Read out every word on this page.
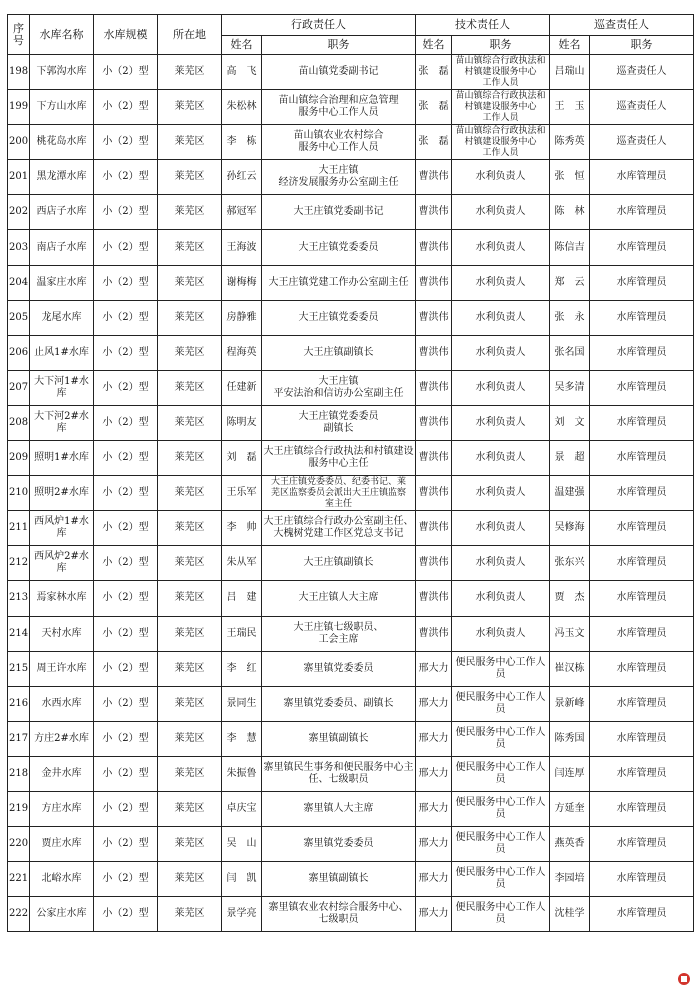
序
号	水库名称	水库规模	所在地	行政责任人		技术责任人		巡查责任人	
				姓名	职务	姓名	职务	姓名	职务
198	下郭沟水库	小（2）型	莱芜区	高　飞	苗山镇党委副书记	张　磊	苗山镇综合行政执法和
村镇建设服务中心
工作人员	吕瑞山	巡查责任人
199	下方山水库	小（2）型	莱芜区	朱松林	苗山镇综合治理和应急管理
服务中心工作人员	张　磊	苗山镇综合行政执法和
村镇建设服务中心
工作人员	王　玉	巡查责任人
200	桃花岛水库	小（2）型	莱芜区	李　栋	苗山镇农业农村综合
服务中心工作人员	张　磊	苗山镇综合行政执法和
村镇建设服务中心
工作人员	陈秀英	巡查责任人
201	黑龙潭水库	小（2）型	莱芜区	孙红云	大王庄镇
经济发展服务办公室副主任	曹洪伟	水利负责人	张　恒	水库管理员
202	西店子水库	小（2）型	莱芜区	郝冠军	大王庄镇党委副书记	曹洪伟	水利负责人	陈　林	水库管理员
203	南店子水库	小（2）型	莱芜区	王海波	大王庄镇党委委员	曹洪伟	水利负责人	陈信吉	水库管理员
204	温家庄水库	小（2）型	莱芜区	谢梅梅	大王庄镇党建工作办公室副主任	曹洪伟	水利负责人	郑　云	水库管理员
205	龙尾水库	小（2）型	莱芜区	房静雅	大王庄镇党委委员	曹洪伟	水利负责人	张　永	水库管理员
206	止风1#水库	小（2）型	莱芜区	程海英	大王庄镇副镇长	曹洪伟	水利负责人	张名国	水库管理员
207	大下河1#水库	小（2）型	莱芜区	任建新	大王庄镇
平安法治和信访办公室副主任	曹洪伟	水利负责人	吴多清	水库管理员
208	大下河2#水库	小（2）型	莱芜区	陈明友	大王庄镇党委委员
副镇长	曹洪伟	水利负责人	刘　文	水库管理员
209	照明1#水库	小（2）型	莱芜区	刘　磊	大王庄镇综合行政执法和村镇建设
服务中心主任	曹洪伟	水利负责人	景　超	水库管理员
210	照明2#水库	小（2）型	莱芜区	王乐军	大王庄镇党委委员、纪委书记、莱
芜区监察委员会派出大王庄镇监察
室主任	曹洪伟	水利负责人	温建强	水库管理员
211	西风炉1#水库	小（2）型	莱芜区	李　帅	大王庄镇综合行政办公室副主任、
大槐树党建工作区党总支书记	曹洪伟	水利负责人	吴修海	水库管理员
212	西风炉2#水库	小（2）型	莱芜区	朱从军	大王庄镇副镇长	曹洪伟	水利负责人	张东兴	水库管理员
213	焉家林水库	小（2）型	莱芜区	吕　建	大王庄镇人大主席	曹洪伟	水利负责人	贾　杰	水库管理员
214	天村水库	小（2）型	莱芜区	王瑞民	大王庄镇七级职员、
工会主席	曹洪伟	水利负责人	冯玉文	水库管理员
215	周王许水库	小（2）型	莱芜区	李　红	寨里镇党委委员	邢大力	便民服务中心工作人员	崔汉栋	水库管理员
216	水西水库	小（2）型	莱芜区	景同生	寨里镇党委委员、副镇长	邢大力	便民服务中心工作人员	景新峰	水库管理员
217	方庄2#水库	小（2）型	莱芜区	李　慧	寨里镇副镇长	邢大力	便民服务中心工作人员	陈秀国	水库管理员
218	金井水库	小（2）型	莱芜区	朱振鲁	寨里镇民生事务和便民服务中心主
任、七级职员	邢大力	便民服务中心工作人员	闫连厚	水库管理员
219	方庄水库	小（2）型	莱芜区	卓庆宝	寨里镇人大主席	邢大力	便民服务中心工作人员	方延奎	水库管理员
220	贾庄水库	小（2）型	莱芜区	吴　山	寨里镇党委委员	邢大力	便民服务中心工作人员	燕英香	水库管理员
221	北峪水库	小（2）型	莱芜区	闫　凯	寨里镇副镇长	邢大力	便民服务中心工作人员	李园培	水库管理员
222	公家庄水库	小（2）型	莱芜区	景学亮	寨里镇农业农村综合服务中心、
七级职员	邢大力	便民服务中心工作人员	沈桂学	水库管理员
